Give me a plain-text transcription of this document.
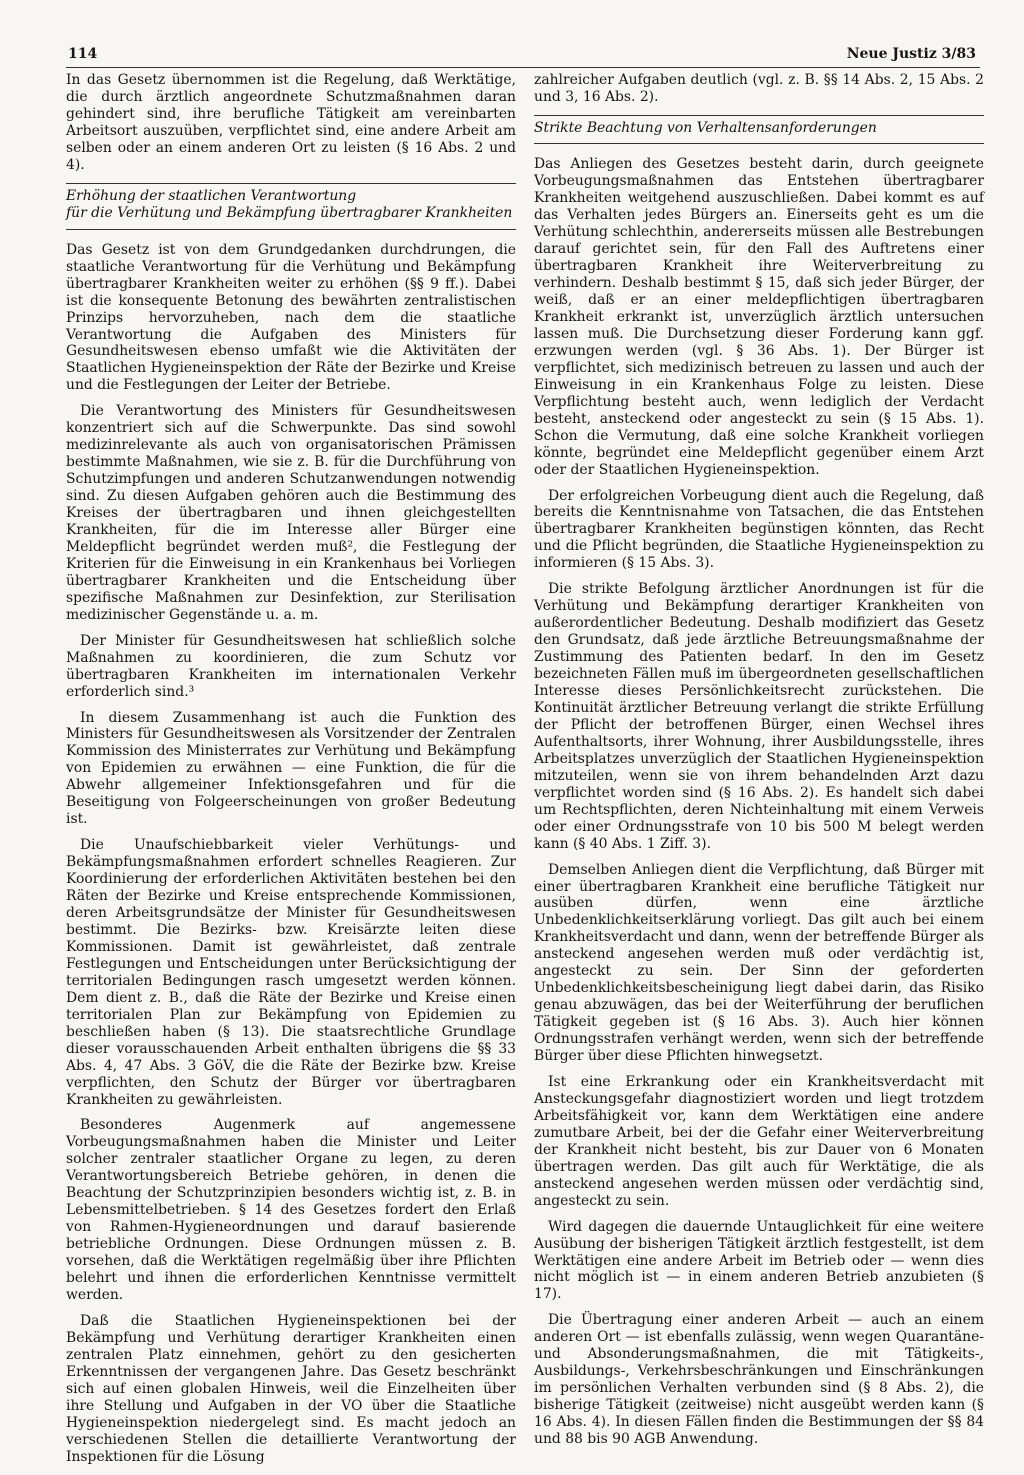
114	Neue Justiz 3/83

In das Gesetz übernommen ist die Regelung, daß Werktätige, die durch ärztlich angeordnete Schutzmaßnahmen daran gehindert sind, ihre berufliche Tätigkeit am vereinbarten Arbeitsort auszuüben, verpflichtet sind, eine andere Arbeit am selben oder an einem anderen Ort zu leisten (§ 16 Abs. 2 und 4).

Erhöhung der staatlichen Verantwortung
für die Verhütung und Bekämpfung übertragbarer Krankheiten

Das Gesetz ist von dem Grundgedanken durchdrungen, die staatliche Verantwortung für die Verhütung und Bekämpfung übertragbarer Krankheiten weiter zu erhöhen (§§ 9 ff.). Dabei ist die konsequente Betonung des bewährten zentralistischen Prinzips hervorzuheben, nach dem die staatliche Verantwortung die Aufgaben des Ministers für Gesundheitswesen ebenso umfaßt wie die Aktivitäten der Staatlichen Hygieneinspektion der Räte der Bezirke und Kreise und die Festlegungen der Leiter der Betriebe.

Die Verantwortung des Ministers für Gesundheitswesen konzentriert sich auf die Schwerpunkte. Das sind sowohl medizinrelevante als auch von organisatorischen Prämissen bestimmte Maßnahmen, wie sie z. B. für die Durchführung von Schutzimpfungen und anderen Schutzanwendungen notwendig sind. Zu diesen Aufgaben gehören auch die Bestimmung des Kreises der übertragbaren und ihnen gleichgestellten Krankheiten, für die im Interesse aller Bürger eine Meldepflicht begründet werden muß², die Festlegung der Kriterien für die Einweisung in ein Krankenhaus bei Vorliegen übertragbarer Krankheiten und die Entscheidung über spezifische Maßnahmen zur Desinfektion, zur Sterilisation medizinischer Gegenstände u. a. m.

Der Minister für Gesundheitswesen hat schließlich solche Maßnahmen zu koordinieren, die zum Schutz vor übertragbaren Krankheiten im internationalen Verkehr erforderlich sind.³

In diesem Zusammenhang ist auch die Funktion des Ministers für Gesundheitswesen als Vorsitzender der Zentralen Kommission des Ministerrates zur Verhütung und Bekämpfung von Epidemien zu erwähnen — eine Funktion, die für die Abwehr allgemeiner Infektionsgefahren und für die Beseitigung von Folgeerscheinungen von großer Bedeutung ist.

Die Unaufschiebbarkeit vieler Verhütungs- und Bekämpfungsmaßnahmen erfordert schnelles Reagieren. Zur Koordinierung der erforderlichen Aktivitäten bestehen bei den Räten der Bezirke und Kreise entsprechende Kommissionen, deren Arbeitsgrundsätze der Minister für Gesundheitswesen bestimmt. Die Bezirks- bzw. Kreisärzte leiten diese Kommissionen. Damit ist gewährleistet, daß zentrale Festlegungen und Entscheidungen unter Berücksichtigung der territorialen Bedingungen rasch umgesetzt werden können. Dem dient z. B., daß die Räte der Bezirke und Kreise einen territorialen Plan zur Bekämpfung von Epidemien zu beschließen haben (§ 13). Die staatsrechtliche Grundlage dieser vorausschauenden Arbeit enthalten übrigens die §§ 33 Abs. 4, 47 Abs. 3 GöV, die die Räte der Bezirke bzw. Kreise verpflichten, den Schutz der Bürger vor übertragbaren Krankheiten zu gewährleisten.

Besonderes Augenmerk auf angemessene Vorbeugungsmaßnahmen haben die Minister und Leiter solcher zentraler staatlicher Organe zu legen, zu deren Verantwortungsbereich Betriebe gehören, in denen die Beachtung der Schutzprinzipien besonders wichtig ist, z. B. in Lebensmittelbetrieben. § 14 des Gesetzes fordert den Erlaß von Rahmen-Hygieneordnungen und darauf basierende betriebliche Ordnungen. Diese Ordnungen müssen z. B. vorsehen, daß die Werktätigen regelmäßig über ihre Pflichten belehrt und ihnen die erforderlichen Kenntnisse vermittelt werden.

Daß die Staatlichen Hygieneinspektionen bei der Bekämpfung und Verhütung derartiger Krankheiten einen zentralen Platz einnehmen, gehört zu den gesicherten Erkenntnissen der vergangenen Jahre. Das Gesetz beschränkt sich auf einen globalen Hinweis, weil die Einzelheiten über ihre Stellung und Aufgaben in der VO über die Staatliche Hygieneinspektion niedergelegt sind. Es macht jedoch an verschiedenen Stellen die detaillierte Verantwortung der Inspektionen für die Lösung

zahlreicher Aufgaben deutlich (vgl. z. B. §§ 14 Abs. 2, 15 Abs. 2 und 3, 16 Abs. 2).

Strikte Beachtung von Verhaltensanforderungen

Das Anliegen des Gesetzes besteht darin, durch geeignete Vorbeugungsmaßnahmen das Entstehen übertragbarer Krankheiten weitgehend auszuschließen. Dabei kommt es auf das Verhalten jedes Bürgers an. Einerseits geht es um die Verhütung schlechthin, andererseits müssen alle Bestrebungen darauf gerichtet sein, für den Fall des Auftretens einer übertragbaren Krankheit ihre Weiterverbreitung zu verhindern. Deshalb bestimmt § 15, daß sich jeder Bürger, der weiß, daß er an einer meldepflichtigen übertragbaren Krankheit erkrankt ist, unverzüglich ärztlich untersuchen lassen muß. Die Durchsetzung dieser Forderung kann ggf. erzwungen werden (vgl. § 36 Abs. 1). Der Bürger ist verpflichtet, sich medizinisch betreuen zu lassen und auch der Einweisung in ein Krankenhaus Folge zu leisten. Diese Verpflichtung besteht auch, wenn lediglich der Verdacht besteht, ansteckend oder angesteckt zu sein (§ 15 Abs. 1). Schon die Vermutung, daß eine solche Krankheit vorliegen könnte, begründet eine Meldepflicht gegenüber einem Arzt oder der Staatlichen Hygieneinspektion.

Der erfolgreichen Vorbeugung dient auch die Regelung, daß bereits die Kenntnisnahme von Tatsachen, die das Entstehen übertragbarer Krankheiten begünstigen könnten, das Recht und die Pflicht begründen, die Staatliche Hygieneinspektion zu informieren (§ 15 Abs. 3).

Die strikte Befolgung ärztlicher Anordnungen ist für die Verhütung und Bekämpfung derartiger Krankheiten von außerordentlicher Bedeutung. Deshalb modifiziert das Gesetz den Grundsatz, daß jede ärztliche Betreuungsmaßnahme der Zustimmung des Patienten bedarf. In den im Gesetz bezeichneten Fällen muß im übergeordneten gesellschaftlichen Interesse dieses Persönlichkeitsrecht zurückstehen. Die Kontinuität ärztlicher Betreuung verlangt die strikte Erfüllung der Pflicht der betroffenen Bürger, einen Wechsel ihres Aufenthaltsorts, ihrer Wohnung, ihrer Ausbildungsstelle, ihres Arbeitsplatzes unverzüglich der Staatlichen Hygieneinspektion mitzuteilen, wenn sie von ihrem behandelnden Arzt dazu verpflichtet worden sind (§ 16 Abs. 2). Es handelt sich dabei um Rechtspflichten, deren Nichteinhaltung mit einem Verweis oder einer Ordnungsstrafe von 10 bis 500 M belegt werden kann (§ 40 Abs. 1 Ziff. 3).

Demselben Anliegen dient die Verpflichtung, daß Bürger mit einer übertragbaren Krankheit eine berufliche Tätigkeit nur ausüben dürfen, wenn eine ärztliche Unbedenklichkeitserklärung vorliegt. Das gilt auch bei einem Krankheitsverdacht und dann, wenn der betreffende Bürger als ansteckend angesehen werden muß oder verdächtig ist, angesteckt zu sein. Der Sinn der geforderten Unbedenklichkeitsbescheinigung liegt dabei darin, das Risiko genau abzuwägen, das bei der Weiterführung der beruflichen Tätigkeit gegeben ist (§ 16 Abs. 3). Auch hier können Ordnungsstrafen verhängt werden, wenn sich der betreffende Bürger über diese Pflichten hinwegsetzt.

Ist eine Erkrankung oder ein Krankheitsverdacht mit Ansteckungsgefahr diagnostiziert worden und liegt trotzdem Arbeitsfähigkeit vor, kann dem Werktätigen eine andere zumutbare Arbeit, bei der die Gefahr einer Weiterverbreitung der Krankheit nicht besteht, bis zur Dauer von 6 Monaten übertragen werden. Das gilt auch für Werktätige, die als ansteckend angesehen werden müssen oder verdächtig sind, angesteckt zu sein.

Wird dagegen die dauernde Untauglichkeit für eine weitere Ausübung der bisherigen Tätigkeit ärztlich festgestellt, ist dem Werktätigen eine andere Arbeit im Betrieb oder — wenn dies nicht möglich ist — in einem anderen Betrieb anzubieten (§ 17).

Die Übertragung einer anderen Arbeit — auch an einem anderen Ort — ist ebenfalls zulässig, wenn wegen Quarantäne- und Absonderungsmaßnahmen, die mit Tätigkeits-, Ausbildungs-, Verkehrsbeschränkungen und Einschränkungen im persönlichen Verhalten verbunden sind (§ 8 Abs. 2), die bisherige Tätigkeit (zeitweise) nicht ausgeübt werden kann (§ 16 Abs. 4). In diesen Fällen finden die Bestimmungen der §§ 84 und 88 bis 90 AGB Anwendung.
